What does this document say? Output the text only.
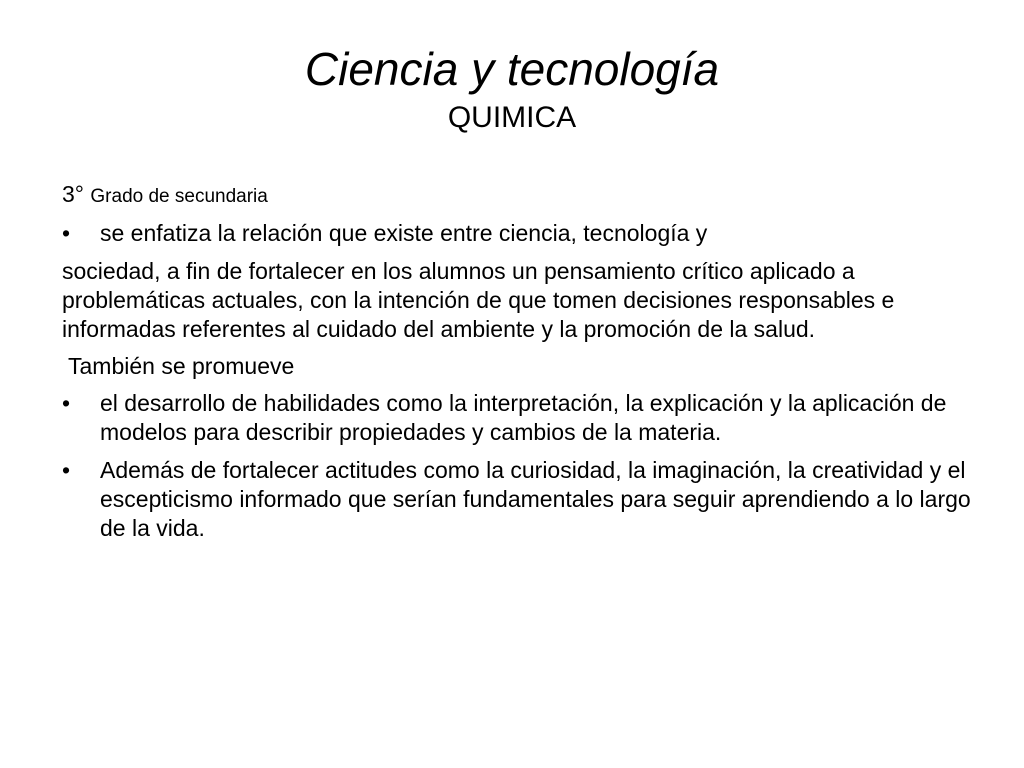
Ciencia y tecnología
QUIMICA
3° Grado de secundaria
• se enfatiza la relación que existe entre ciencia, tecnología y
sociedad, a fin de fortalecer en los alumnos un pensamiento crítico aplicado a problemáticas actuales, con la intención de que tomen decisiones responsables e informadas referentes al cuidado del ambiente y la promoción de la salud.
También se promueve
• el desarrollo de habilidades como la interpretación, la explicación y la aplicación de modelos para describir propiedades y cambios de la materia.
• Además de fortalecer actitudes como la curiosidad, la imaginación, la creatividad y el escepticismo informado que serían fundamentales para seguir aprendiendo a lo largo de la vida.
